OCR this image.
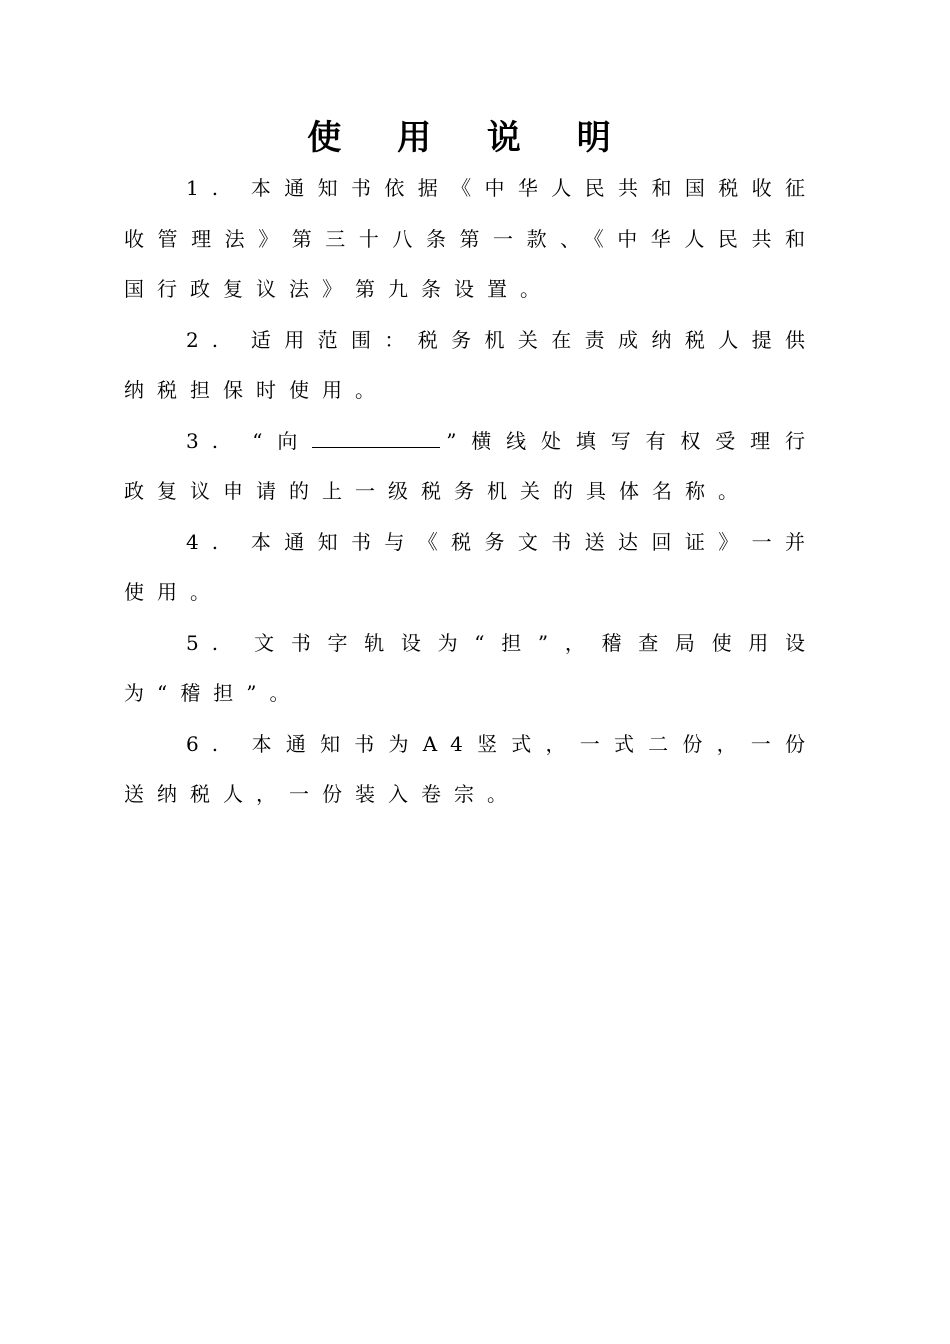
使 用 说 明

1. 本通知书依据《中华人民共和国税收征收管理法》第三十八条第一款、《中华人民共和国行政复议法》第九条设置。

2. 适用范围：税务机关在责成纳税人提供纳税担保时使用。

3. “向	”横线处填写有权受理行政复议申请的上一级税务机关的具体名称。

4. 本通知书与《税务文书送达回证》一并使用。

5. 文书字轨设为“担”，稽查局使用设为“稽担”。

6. 本通知书为A4竖式，一式二份，一份送纳税人，一份装入卷宗。
